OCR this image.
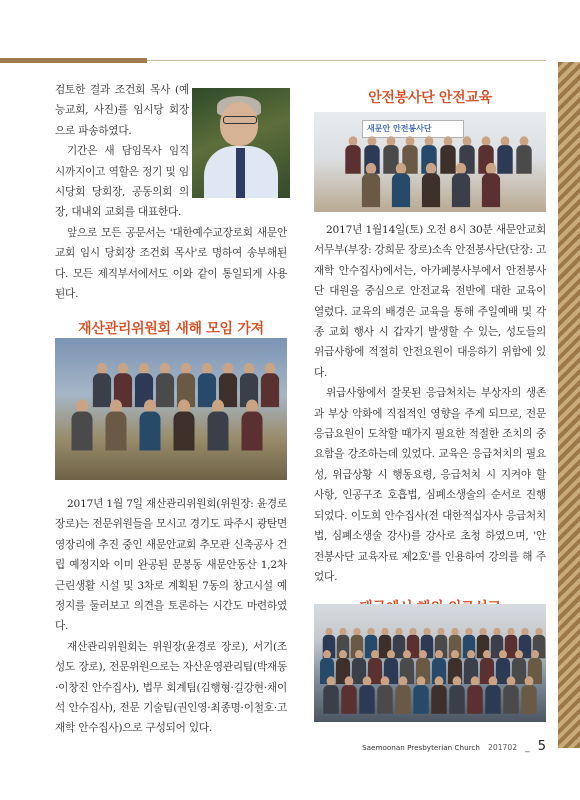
검토한 결과 조건회 목사 (예능교회, 사진)를 임시당 회장으로 파송하였다.

기간은 새 담임목사 임직 시까지이고 역할은 정기 및 임시당회 당회장, 공동의회 의장, 대내외 교회를 대표한다.

앞으로 모든 공문서는 '대한예수교장로회 새문안교회 임시 당회장 조건회 목사'로 명하여 송부해된다. 모든 제직부서에서도 이와 같이 통일되게 사용된다.

재산관리위원회 새해 모임 가져

2017년 1월 7일 재산관리위원회(위원장: 윤경로 장로)는 전문위원들을 모시고 경기도 파주시 광탄면 영장리에 추진 중인 새문안교회 추모관 신축공사 건립 예정지와 이미 완공된 문봉동 새문안동산 1,2차 근린생활 시설 및 3차로 계획된 7동의 창고시설 예정지를 둘러보고 의견을 토론하는 시간도 마련하였다.

재산관리위원회는 위원장(윤경로 장로), 서기(조성도 장로), 전문위원으로는 자산운영관리팀(박재동·이창진 안수집사), 법무 회계팀(김행형·길강현·채이석 안수집사), 전문 기술팀(권인영·최종명·이철호·고재학 안수집사)으로 구성되어 있다.

안전봉사단 안전교육
새문안 안전봉사단

2017년 1월14일(토) 오전 8시 30분 새문안교회 서무부(부장: 강희문 장로)소속 안전봉사단(단장: 고재학 안수집사)에서는, 아가페봉사부에서 안전봉사단 대원을 중심으로 안전교육 전반에 대한 교육이 열렸다. 교육의 배경은 교육을 통해 주일예배 및 각종 교회 행사 시 갑자기 발생할 수 있는, 성도들의 위급사항에 적절히 안전요원이 대응하기 위함에 있다.

위급사항에서 잘못된 응급처치는 부상자의 생존과 부상 악화에 직접적인 영향을 주게 되므로, 전문 응급요원이 도착할 때가지 필요한 적절한 조치의 중요함을 강조하는데 있었다. 교육은 응급처치의 필요성, 위급상황 시 행동요령, 응급처치 시 지켜야 할 사항, 인공구조 호흡법, 심폐소생술의 순서로 진행되었다. 이도희 안수집사(전 대한적십자사 응급처치법, 심폐소생술 강사)를 강사로 초청 하였으며, '안전봉사단 교육자료 제2호'를 인용하여 강의를 해 주었다.

Saemoonan Presbyterian Church 201702 _ 5
